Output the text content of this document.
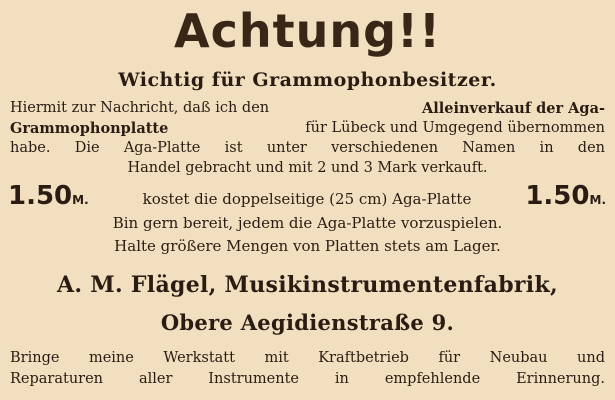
Achtung!!
Wichtig für Grammophonbesitzer.
Hiermit zur Nachricht, daß ich den	Alleinverkauf der Aga-
Grammophonplatte	für Lübeck und Umgegend übernommen
habe. Die Aga-Platte ist unter verschiedenen Namen in den
Handel gebracht und mit 2 und 3 Mark verkauft.
1.50M.	kostet die doppelseitige (25 cm) Aga-Platte 1.50M.
Bin gern bereit, jedem die Aga-Platte vorzuspielen.
Halte größere Mengen von Platten stets am Lager.
A. M. Flägel, Musikinstrumentenfabrik,
Obere Aegidienstraße 9.
Bringe meine Werkstatt mit Kraftbetrieb für Neubau und
Reparaturen aller Instrumente in empfehlende Erinnerung.
